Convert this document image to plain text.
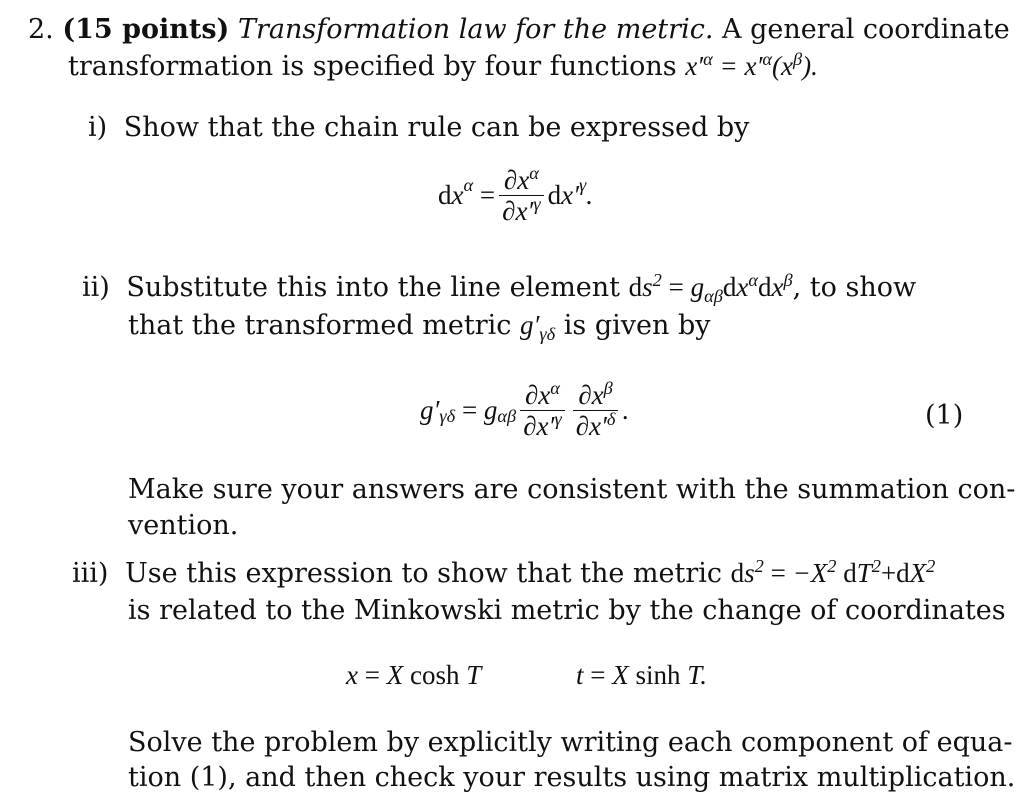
2. (15 points) Transformation law for the metric. A general coordinate
transformation is specified by four functions $x'^\alpha = x'^\alpha(x^\beta)$.
i) Show that the chain rule can be expressed by
d $x^\alpha$
= $\frac{\partial x^\alpha}{\partial x'^\gamma}$ d $x'^\gamma$ .
ii) Substitute this into the line element $ds^2 = g_{\alpha\beta}dx^\alpha dx^\beta$, to show
that the transformed metric $g'_{\gamma\delta}$ is given by
$g'_{\gamma\delta}$
= $g_{\alpha\beta} \frac{\partial x^\alpha}{\partial x'^\gamma} \frac{\partial x^\beta}{\partial x'^\delta}$ .	(1)
Make sure your answers are consistent with the summation con-
vention.
iii) Use this expression to show that the metric $ds^2 = -X^2$ $dT^2+dX^2$
is related to the Minkowski metric by the change of coordinates
x = X cosh T	t = X sinh T.
Solve the problem by explicitly writing each component of equa-
tion (1), and then check your results using matrix multiplication.
